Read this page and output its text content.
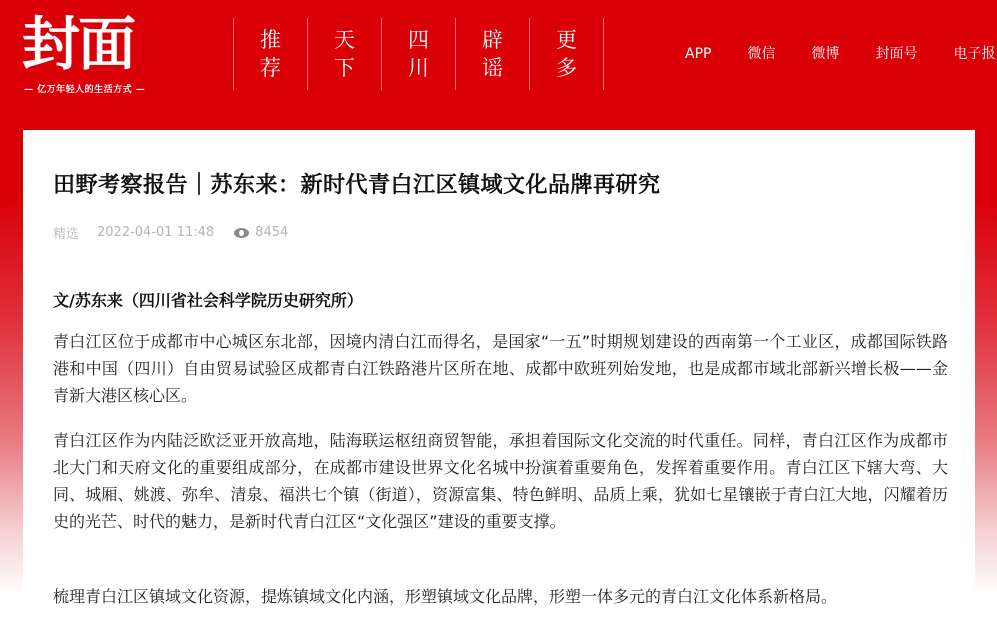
封面
— 亿万年轻人的生活方式 —
推荐
天下
四川
辟谣
更多
APP	微信	微博	封面号	电子报
田野考察报告｜苏东来：新时代青白江区镇域文化品牌再研究
精选 2022-04-01 11:48	8454

文/苏东来（四川省社会科学院历史研究所）

青白江区位于成都市中心城区东北部，因境内清白江而得名，是国家“一五”时期规划建设的西南第一个工业区，成都国际铁路港和中国（四川）自由贸易试验区成都青白江铁路港片区所在地、成都中欧班列始发地，也是成都市域北部新兴增长极——金青新大港区核心区。

青白江区作为内陆泛欧泛亚开放高地，陆海联运枢纽商贸智能，承担着国际文化交流的时代重任。同样，青白江区作为成都市北大门和天府文化的重要组成部分，在成都市建设世界文化名城中扮演着重要角色，发挥着重要作用。青白江区下辖大弯、大同、城厢、姚渡、弥牟、清泉、福洪七个镇（街道），资源富集、特色鲜明、品质上乘，犹如七星镶嵌于青白江大地，闪耀着历史的光芒、时代的魅力，是新时代青白江区“文化强区”建设的重要支撑。

梳理青白江区镇域文化资源，提炼镇域文化内涵，形塑镇域文化品牌，形塑一体多元的青白江文化体系新格局。
